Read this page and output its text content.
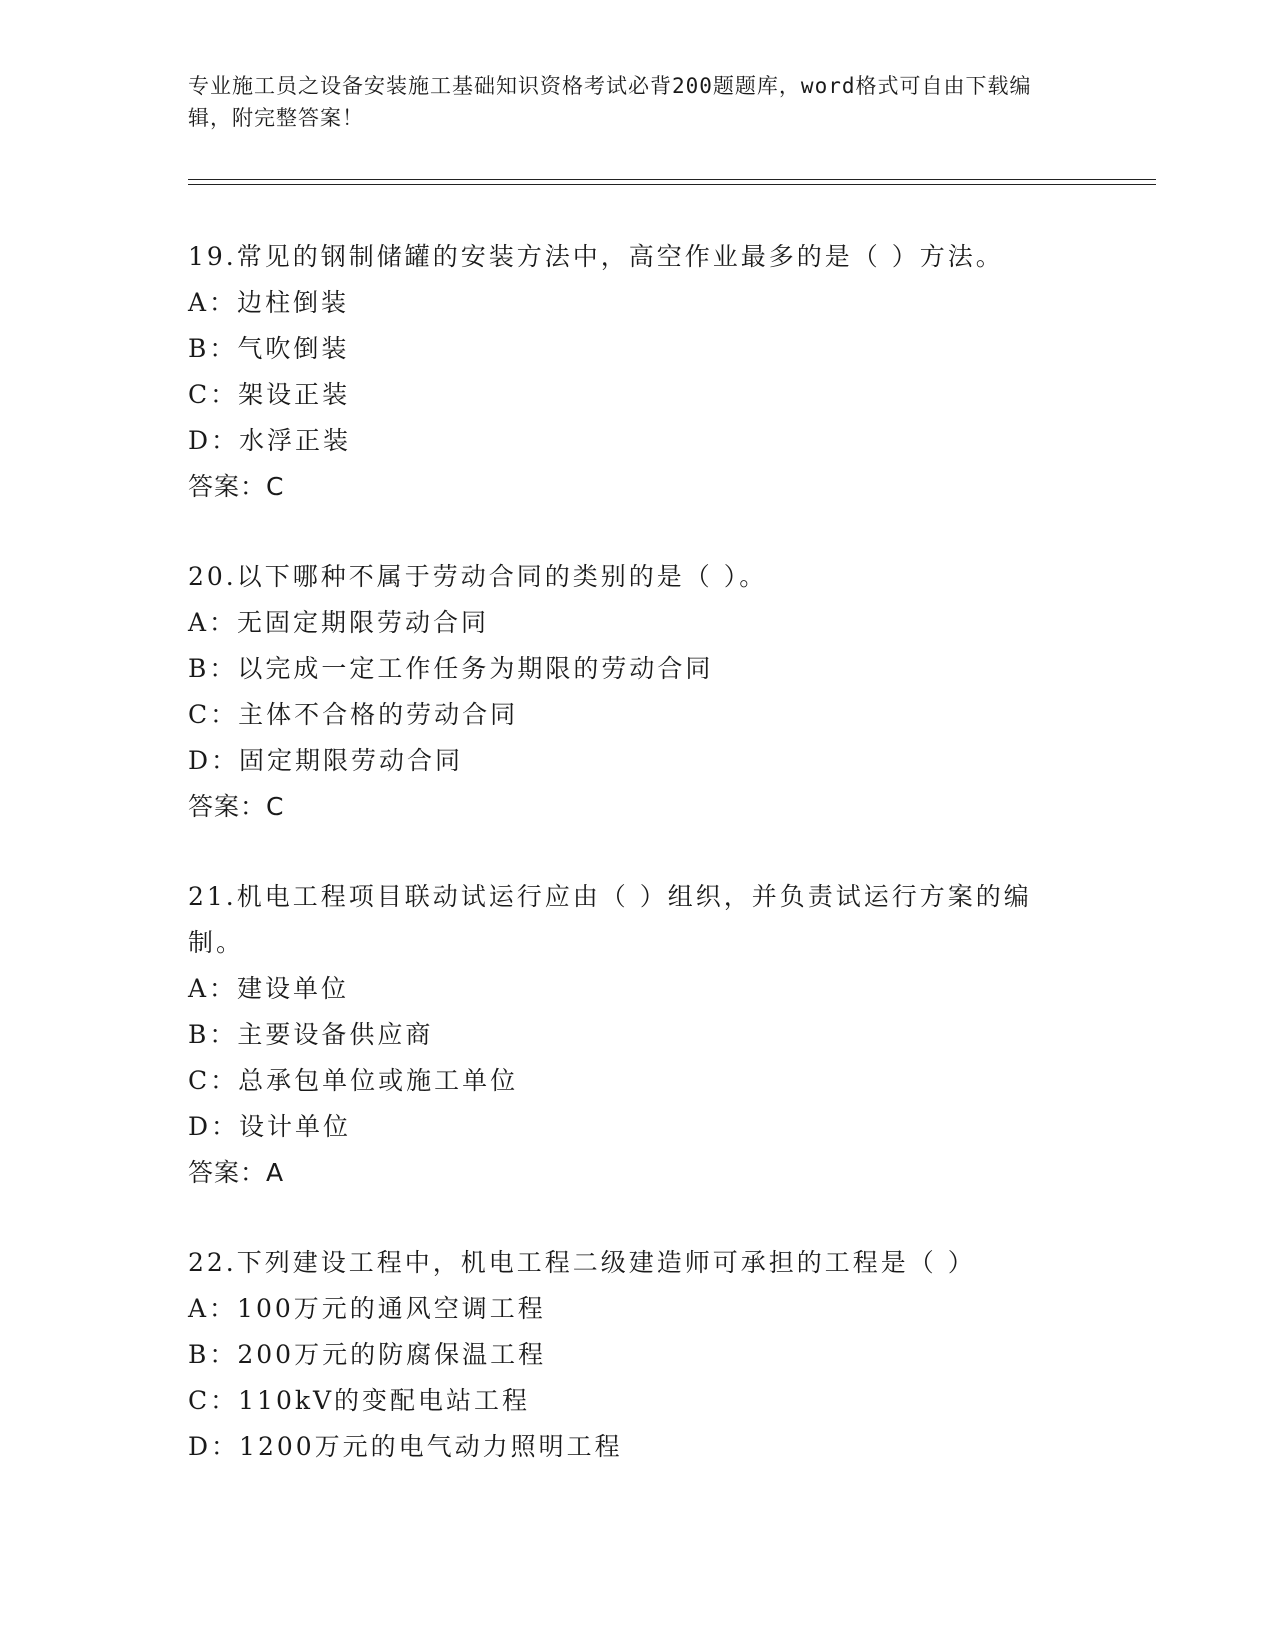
专业施工员之设备安装施工基础知识资格考试必背200题题库，word格式可自由下载编辑，附完整答案！
19.常见的钢制储罐的安装方法中，高空作业最多的是（ ）方法。
A：边柱倒装
B：气吹倒装
C：架设正装
D：水浮正装
答案：C
20.以下哪种不属于劳动合同的类别的是（ ）。
A：无固定期限劳动合同
B：以完成一定工作任务为期限的劳动合同
C：主体不合格的劳动合同
D：固定期限劳动合同
答案：C
21.机电工程项目联动试运行应由（ ）组织，并负责试运行方案的编制。
A：建设单位
B：主要设备供应商
C：总承包单位或施工单位
D：设计单位
答案：A
22.下列建设工程中，机电工程二级建造师可承担的工程是（ ）
A：100万元的通风空调工程
B：200万元的防腐保温工程
C：110kV的变配电站工程
D：1200万元的电气动力照明工程
